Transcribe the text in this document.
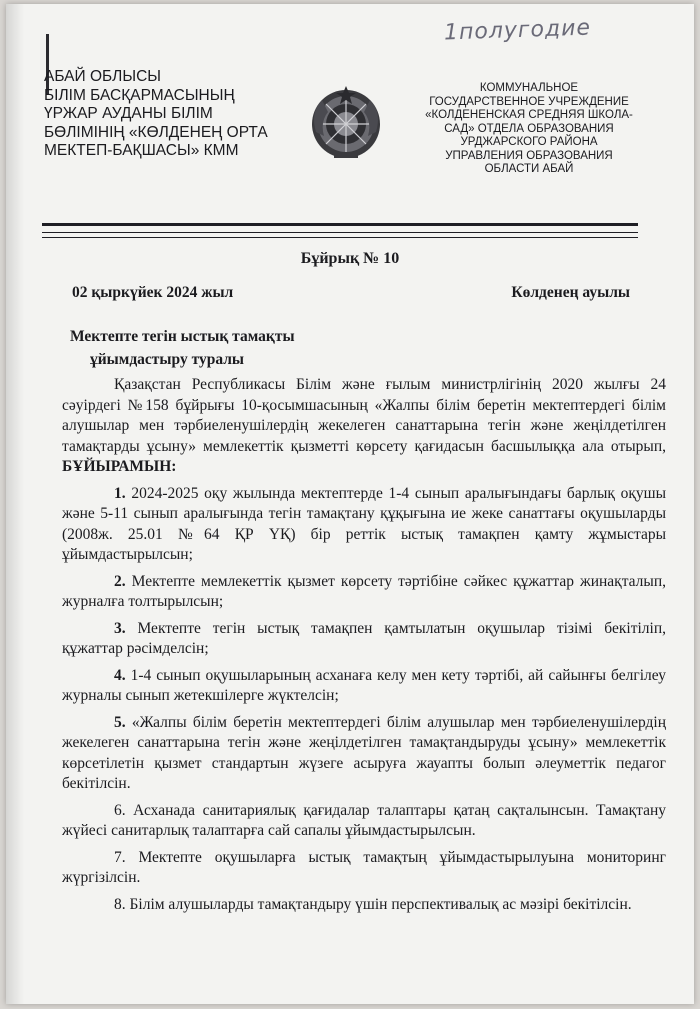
1полугодие
АБАЙ ОБЛЫСЫ
БІЛІМ БАСҚАРМАСЫНЫҢ
ҮРЖАР АУДАНЫ БІЛІМ
БӨЛІМІНІҢ «КӨЛДЕНЕҢ ОРТА
МЕКТЕП-БАҚШАСЫ» КММ
КОММУНАЛЬНОЕ
ГОСУДАРСТВЕННОЕ УЧРЕЖДЕНИЕ
«КОЛДЕНЕНСКАЯ СРЕДНЯЯ ШКОЛА-
САД» ОТДЕЛА ОБРАЗОВАНИЯ
УРДЖАРСКОГО РАЙОНА
УПРАВЛЕНИЯ ОБРАЗОВАНИЯ
ОБЛАСТИ АБАЙ
Бұйрық № 10
02 қыркүйек 2024 жыл	Көлденең ауылы
Мектепте тегін ыстық тамақты
ұйымдастыру туралы

Қазақстан Республикасы Білім және ғылым министрлігінің 2020 жылғы 24 сәуірдегі №158 бұйрығы 10-қосымшасының «Жалпы білім беретін мектептердегі білім алушылар мен тәрбиеленушілердің жекелеген санаттарына тегін және жеңілдетілген тамақтарды ұсыну» мемлекеттік қызметті көрсету қағидасын басшылыққа ала отырып, БҰЙЫРАМЫН:

1. 2024-2025 оқу жылында мектептерде 1-4 сынып аралығындағы барлық оқушы және 5-11 сынып аралығында тегін тамақтану құқығына ие жеке санаттағы оқушыларды (2008ж. 25.01 №64 ҚР ҮҚ) бір реттік ыстық тамақпен қамту жұмыстары ұйымдастырылсын;

2. Мектепте мемлекеттік қызмет көрсету тәртібіне сәйкес құжаттар жинақталып, журналға толтырылсын;

3. Мектепте тегін ыстық тамақпен қамтылатын оқушылар тізімі бекітіліп, құжаттар рәсімделсін;

4. 1-4 сынып оқушыларының асханаға келу мен кету тәртібі, ай сайынғы белгілеу журналы сынып жетекшілерге жүктелсін;

5. «Жалпы білім беретін мектептердегі білім алушылар мен тәрбиеленушілердің жекелеген санаттарына тегін және жеңілдетілген тамақтандыруды ұсыну» мемлекеттік көрсетілетін қызмет стандартын жүзеге асыруға жауапты болып әлеуметтік педагог бекітілсін.

6. Асханада санитариялық қағидалар талаптары қатаң сақталынсын. Тамақтану жүйесі санитарлық талаптарға сай сапалы ұйымдастырылсын.

7. Мектепте оқушыларға ыстық тамақтың ұйымдастырылуына мониторинг жүргізілсін.

8. Білім алушыларды тамақтандыру үшін перспективалық ас мәзірі бекітілсін.
